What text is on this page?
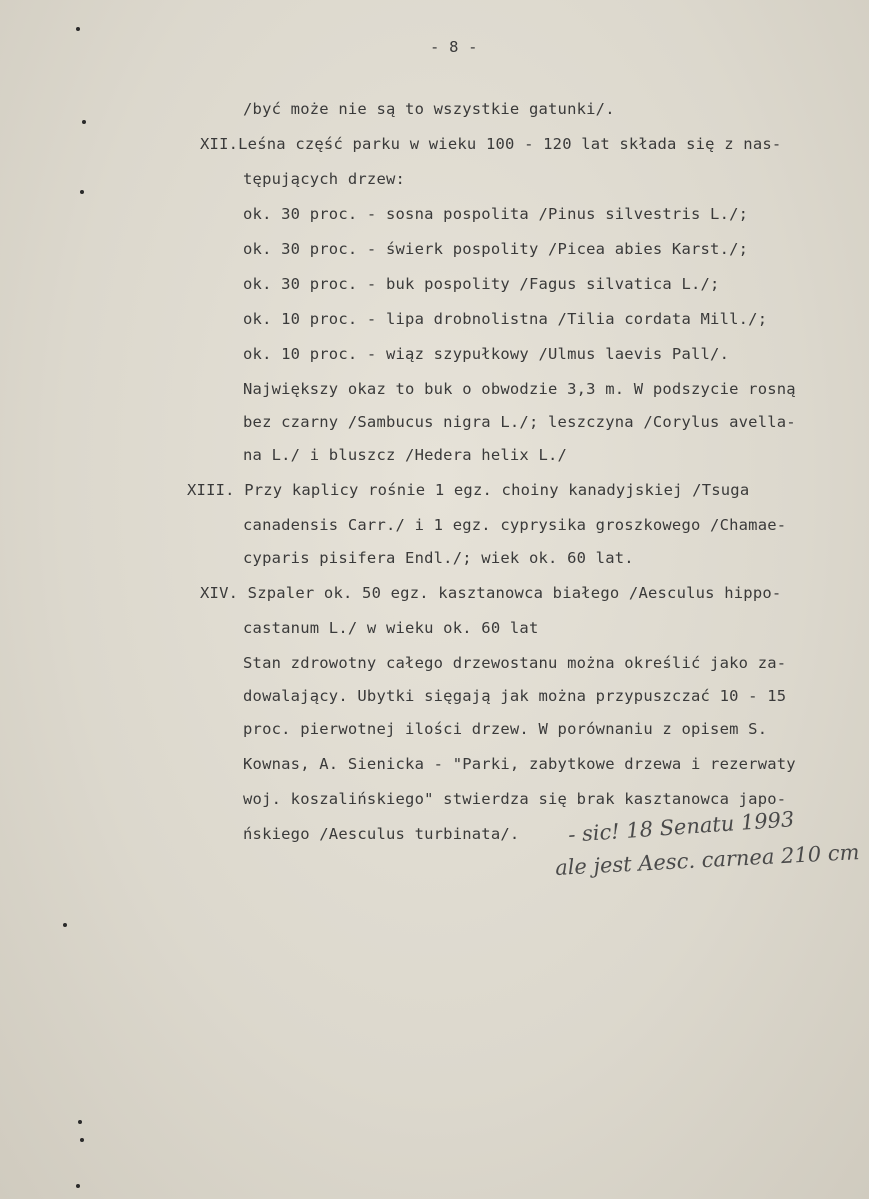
- 8 -
/być może nie są to wszystkie gatunki/.
XII.Leśna część parku w wieku 100 - 120 lat składa się z nas-
tępujących drzew:
ok. 30 proc. - sosna pospolita /Pinus silvestris L./;
ok. 30 proc. - świerk pospolity /Picea abies Karst./;
ok. 30 proc. - buk pospolity /Fagus silvatica L./;
ok. 10 proc. - lipa drobnolistna /Tilia cordata Mill./;
ok. 10 proc. - wiąz szypułkowy /Ulmus laevis Pall/.
Największy okaz to buk o obwodzie 3,3 m. W podszycie rosną
bez czarny /Sambucus nigra L./; leszczyna /Corylus avella-
na L./ i bluszcz /Hedera helix L./
XIII. Przy kaplicy rośnie 1 egz. choiny kanadyjskiej /Tsuga
canadensis Carr./ i 1 egz. cyprysika groszkowego /Chamae-
cyparis pisifera Endl./; wiek ok. 60 lat.
XIV. Szpaler ok. 50 egz. kasztanowca białego /Aesculus hippo-
castanum L./ w wieku ok. 60 lat
Stan zdrowotny całego drzewostanu można określić jako za-
dowalający. Ubytki sięgają jak można przypuszczać 10 - 15
proc. pierwotnej ilości drzew. W porównaniu z opisem S.
Kownas, A. Sienicka - "Parki, zabytkowe drzewa i rezerwaty
woj. koszalińskiego" stwierdza się brak kasztanowca japo-
ńskiego /Aesculus turbinata/. - sic! 18 Senatu 1993
ale jest Aesc. carnea 210 cm
